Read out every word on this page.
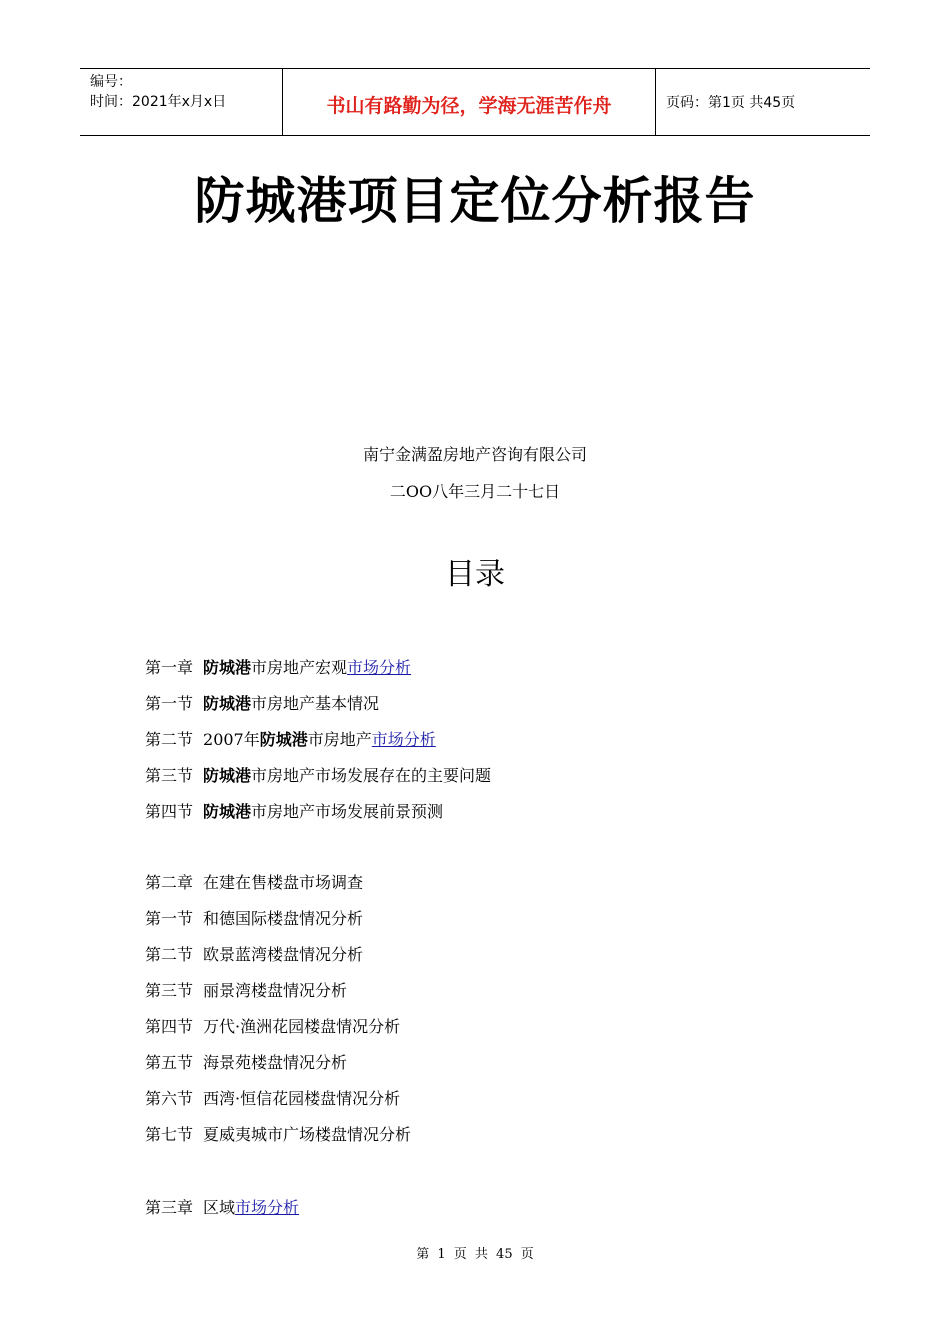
编号：
时间：2021年x月x日	书山有路勤为径，学海无涯苦作舟	页码：第1页 共45页
防城港项目定位分析报告
南宁金满盈房地产咨询有限公司
二OO八年三月二十七日
目录
第一章 防城港市房地产宏观市场分析
第一节 防城港市房地产基本情况
第二节 2007年防城港市房地产市场分析
第三节 防城港市房地产市场发展存在的主要问题
第四节 防城港市房地产市场发展前景预测
第二章 在建在售楼盘市场调查
第一节 和德国际楼盘情况分析
第二节 欧景蓝湾楼盘情况分析
第三节 丽景湾楼盘情况分析
第四节 万代·渔洲花园楼盘情况分析
第五节 海景苑楼盘情况分析
第六节 西湾·恒信花园楼盘情况分析
第七节 夏威夷城市广场楼盘情况分析
第三章 区域市场分析
第 1 页 共 45 页
